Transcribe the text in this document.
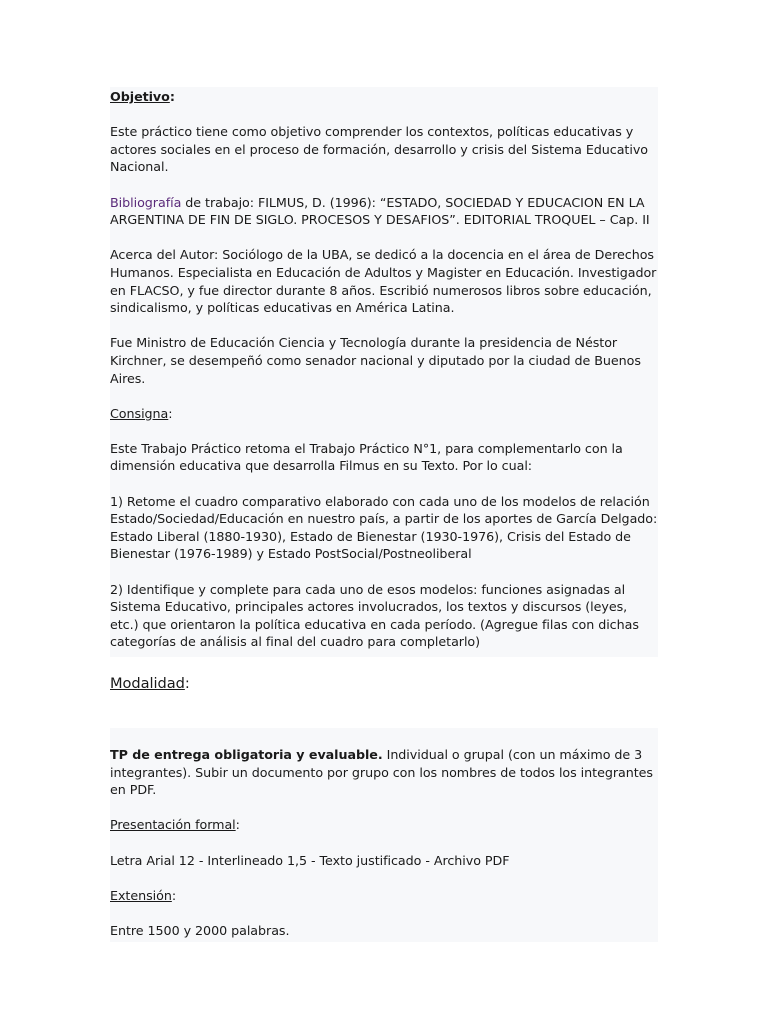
Objetivo:

Este práctico tiene como objetivo comprender los contextos, políticas educativas y actores sociales en el proceso de formación, desarrollo y crisis del Sistema Educativo Nacional.

Bibliografía de trabajo: FILMUS, D. (1996): “ESTADO, SOCIEDAD Y EDUCACION EN LA ARGENTINA DE FIN DE SIGLO. PROCESOS Y DESAFIOS”. EDITORIAL TROQUEL – Cap. II

Acerca del Autor: Sociólogo de la UBA, se dedicó a la docencia en el área de Derechos Humanos. Especialista en Educación de Adultos y Magister en Educación. Investigador en FLACSO, y fue director durante 8 años. Escribió numerosos libros sobre educación, sindicalismo, y políticas educativas en América Latina.

Fue Ministro de Educación Ciencia y Tecnología durante la presidencia de Néstor Kirchner, se desempeñó como senador nacional y diputado por la ciudad de Buenos Aires.

Consigna:

Este Trabajo Práctico retoma el Trabajo Práctico N°1, para complementarlo con la dimensión educativa que desarrolla Filmus en su Texto. Por lo cual:

1) Retome el cuadro comparativo elaborado con cada uno de los modelos de relación Estado/Sociedad/Educación en nuestro país, a partir de los aportes de García Delgado: Estado Liberal (1880-1930), Estado de Bienestar (1930-1976), Crisis del Estado de Bienestar (1976-1989) y Estado PostSocial/Postneoliberal

2) Identifique y complete para cada uno de esos modelos: funciones asignadas al Sistema Educativo, principales actores involucrados, los textos y discursos (leyes, etc.) que orientaron la política educativa en cada período. (Agregue filas con dichas categorías de análisis al final del cuadro para completarlo)

Modalidad:

TP de entrega obligatoria y evaluable. Individual o grupal (con un máximo de 3 integrantes). Subir un documento por grupo con los nombres de todos los integrantes en PDF.

Presentación formal:

Letra Arial 12 - Interlineado 1,5 - Texto justificado - Archivo PDF

Extensión:

Entre 1500 y 2000 palabras.
